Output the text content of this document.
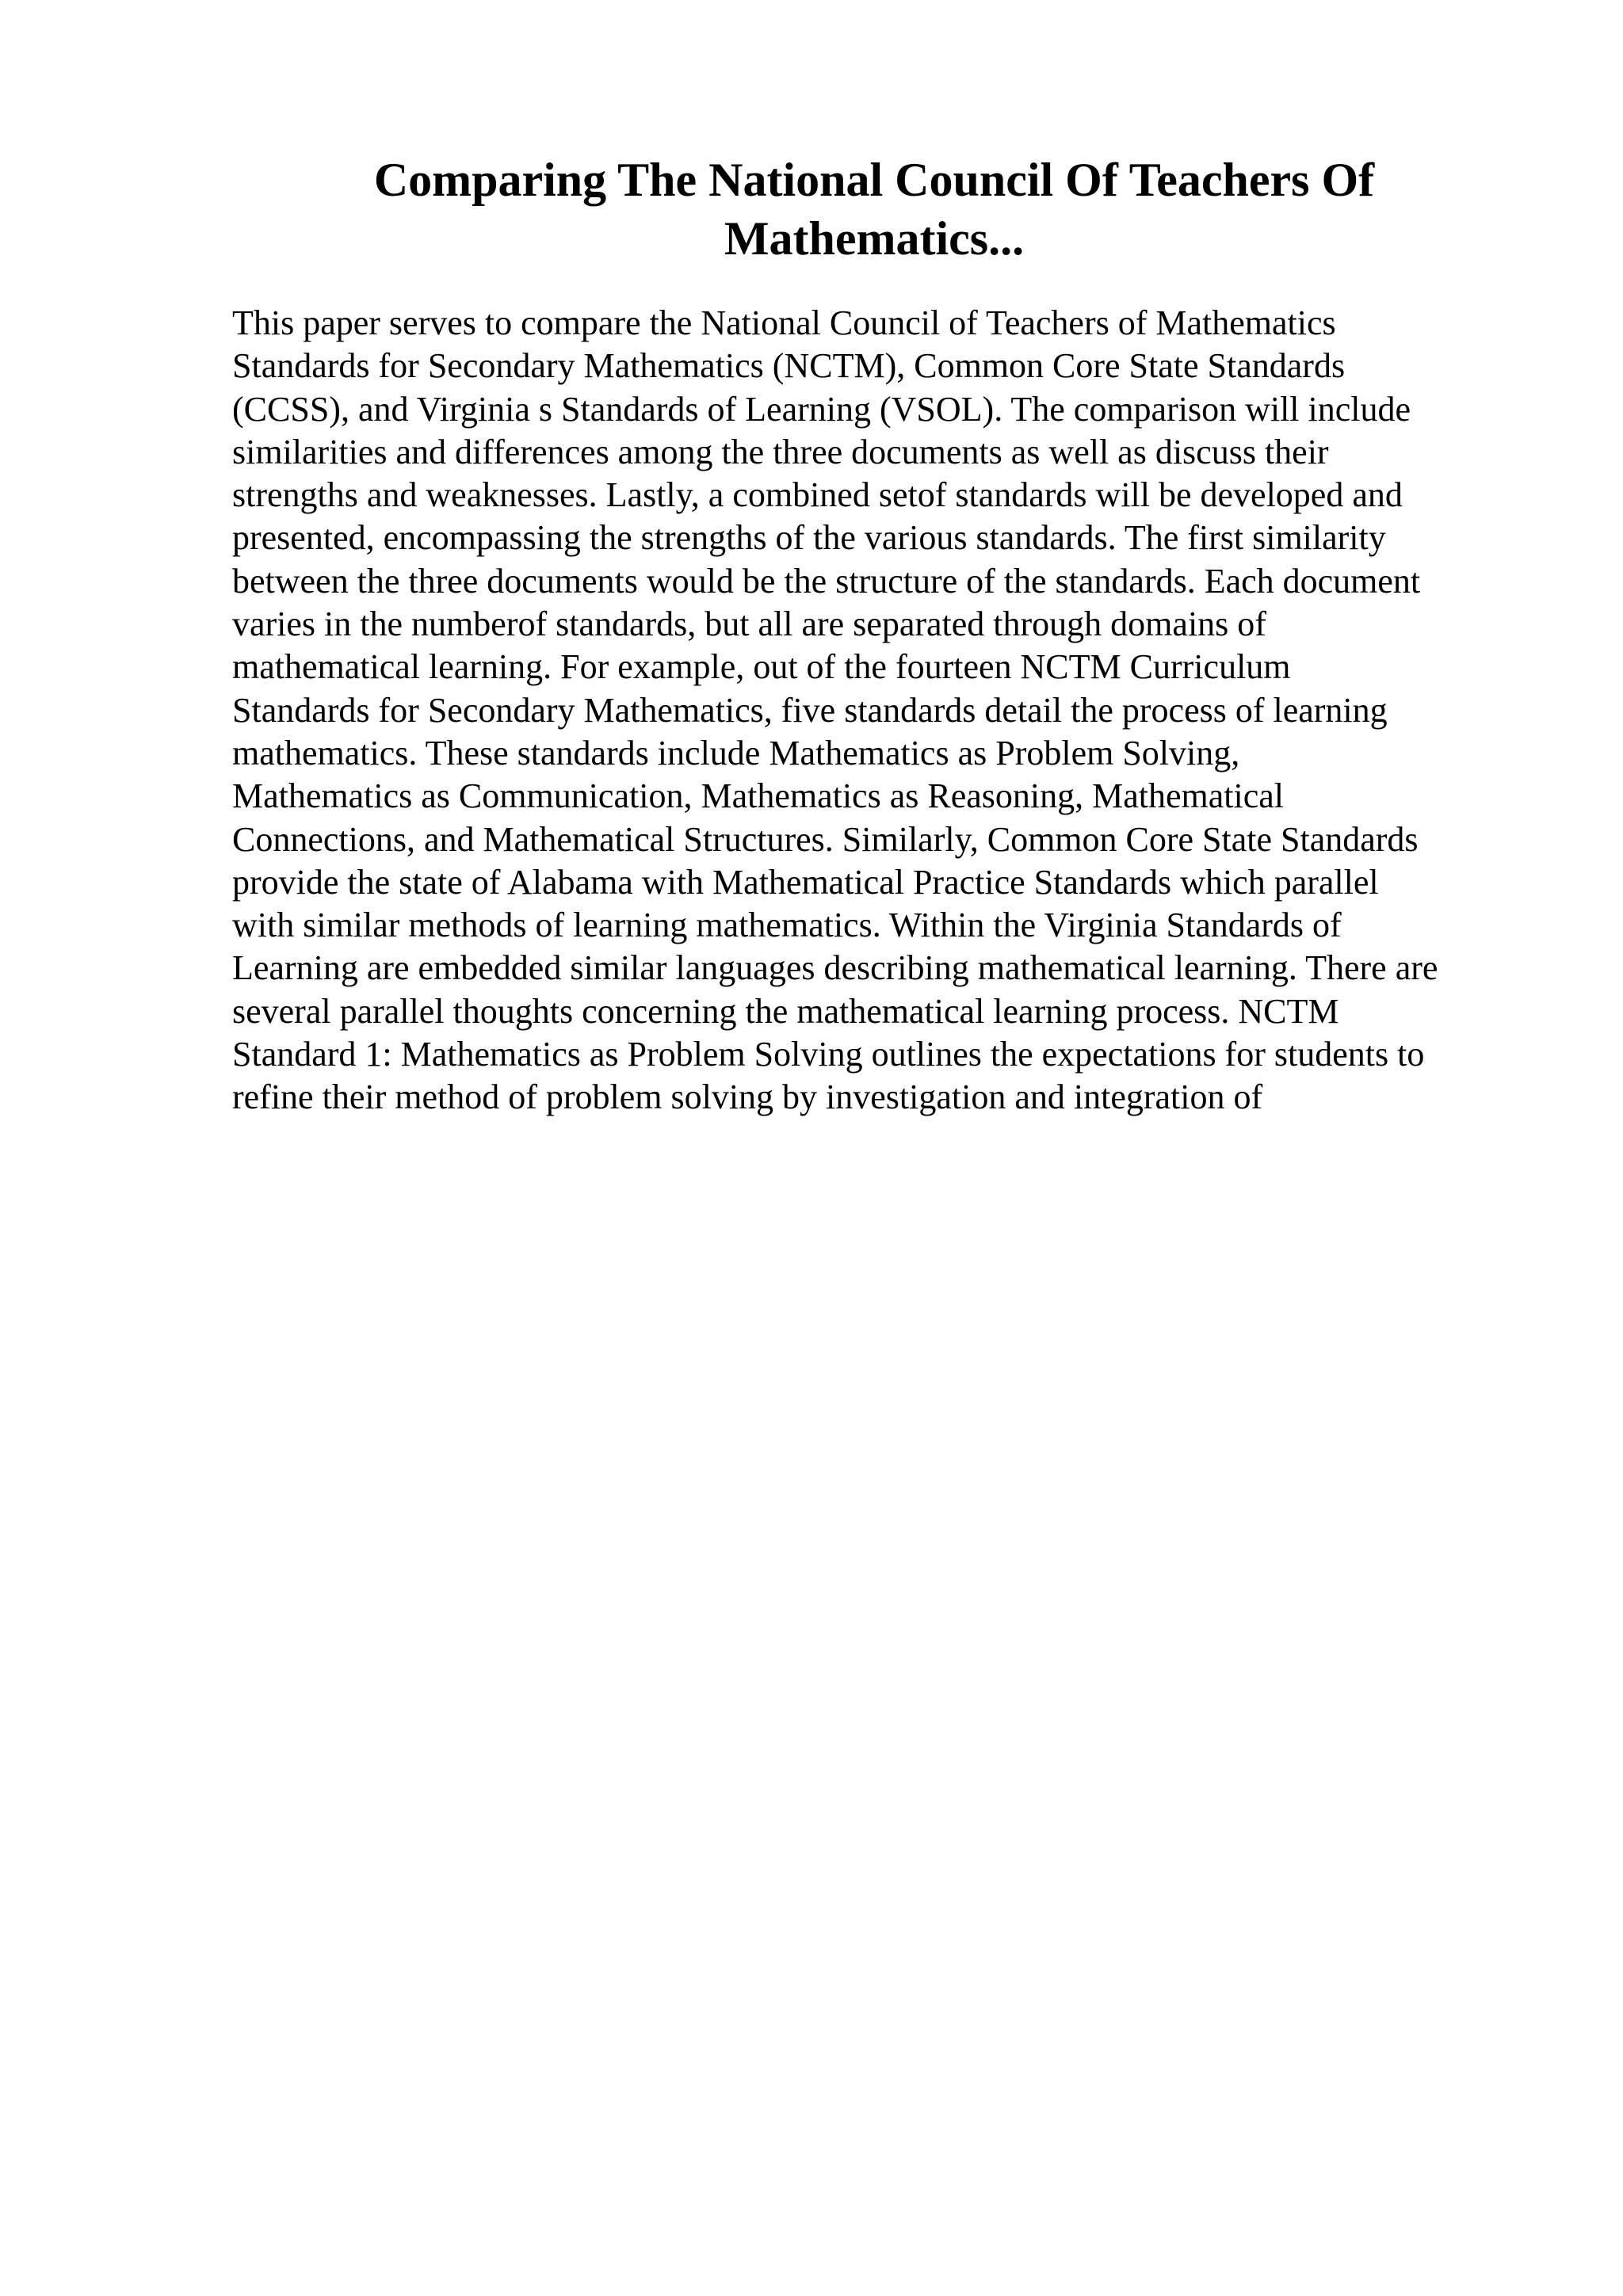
Comparing The National Council Of Teachers Of
Mathematics...
This paper serves to compare the National Council of Teachers of Mathematics
Standards for Secondary Mathematics (NCTM), Common Core State Standards
(CCSS), and Virginia s Standards of Learning (VSOL). The comparison will include
similarities and differences among the three documents as well as discuss their
strengths and weaknesses. Lastly, a combined setof standards will be developed and
presented, encompassing the strengths of the various standards. The first similarity
between the three documents would be the structure of the standards. Each document
varies in the numberof standards, but all are separated through domains of
mathematical learning. For example, out of the fourteen NCTM Curriculum
Standards for Secondary Mathematics, five standards detail the process of learning
mathematics. These standards include Mathematics as Problem Solving,
Mathematics as Communication, Mathematics as Reasoning, Mathematical
Connections, and Mathematical Structures. Similarly, Common Core State Standards
provide the state of Alabama with Mathematical Practice Standards which parallel
with similar methods of learning mathematics. Within the Virginia Standards of
Learning are embedded similar languages describing mathematical learning. There are
several parallel thoughts concerning the mathematical learning process. NCTM
Standard 1: Mathematics as Problem Solving outlines the expectations for students to
refine their method of problem solving by investigation and integration of
